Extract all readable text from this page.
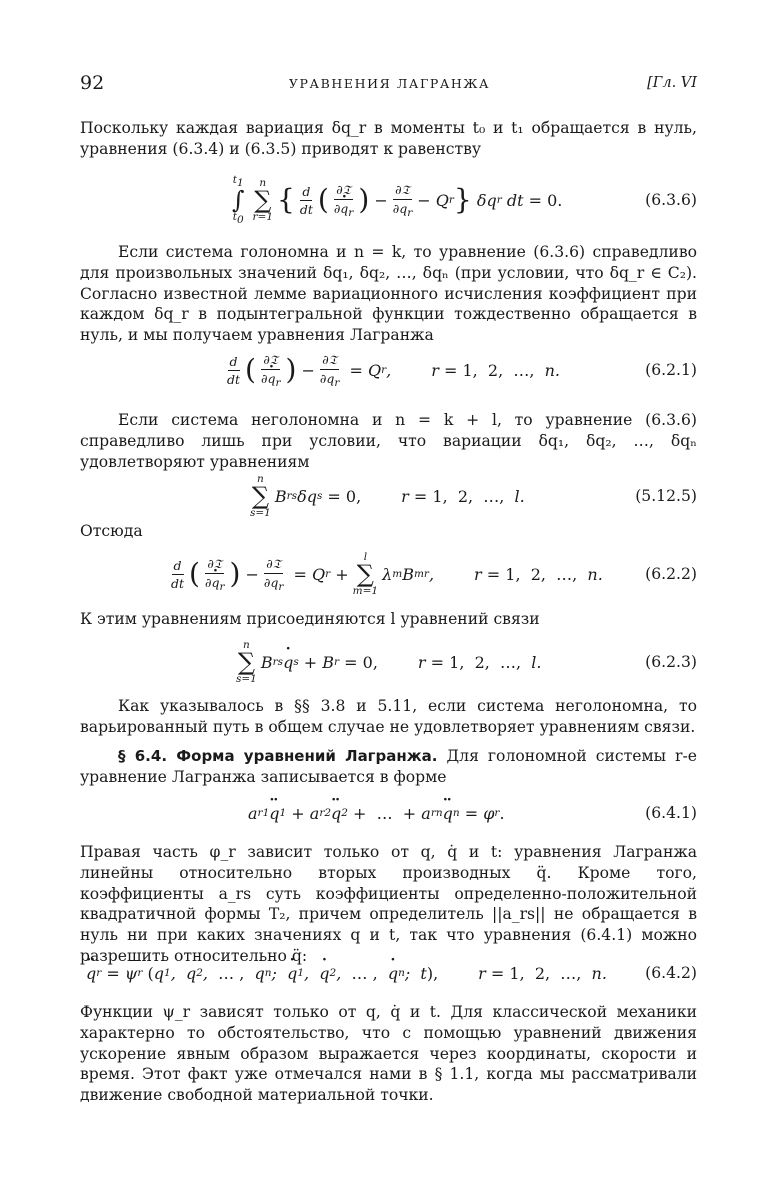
92	УРАВНЕНИЯ ЛАГРАНЖА	[Гл. VI

Поскольку каждая вариация δq_r в моменты t₀ и t₁ обращается в нуль, уравнения (6.3.4) и (6.3.5) приводят к равенству

$t_1$
∫
$t_0$
n
∑
r=1
{ $\frac{d}{dt}$ ( $\frac{\text{∂𝔗}}{\partial\cdot q_r}$ ) − $\frac{\text{∂𝔗}}{\partial q_r} - Q$ r } δq r dt = 0.	(6.3.6)

Если система голономна и n = k, то уравнение (6.3.6) справедливо для произвольных значений δq₁, δq₂, …, δqₙ (при условии, что δq_r ∈ C₂). Согласно известной лемме вариационного исчисления коэффициент при каждом δq_r в подынтегральной функции тождественно обращается в нуль, и мы получаем уравнения Лагранжа

$\frac{d}{dt}$ ( $\frac{\text{∂𝔗}}{\partial\cdot q_r}$ ) − $\frac{\text{∂𝔗}}{\partial q_r} = Q$ r ,	r = 1,  2,  …, n.	(6.2.1)

Если система неголономна и n = k + l, то уравнение (6.3.6) справедливо лишь при условии, что вариации δq₁, δq₂, …, δqₙ удовлетворяют уравнениям

n
∑
s=1
B rs δq s = 0,	r = 1,  2,  …, l.	(5.12.5)
Отсюда
$\frac{d}{dt}$ ( $\frac{\text{∂𝔗}}{\partial\cdot q_r}$ ) − $\frac{\text{∂𝔗}}{\partial q_r} = Q$ r +
l
∑
m=1
λ m B mr ,	r = 1,  2,  …, n.	(6.2.2)
К этим уравнениям присоединяются l уравнений связи
n
∑
s=1
B rs · q s + B r = 0,	r = 1,  2,  …, l.	(6.2.3)

Как указывалось в §§ 3.8 и 5.11, если система неголономна, то варьированный путь в общем случае не удовлетворяет уравнениям связи.

§ 6.4. Форма уравнений Лагранжа. Для голономной системы r-е уравнение Лагранжа записывается в форме

a r1 ·· q 1 + a r2 ·· q 2 +  …  + a rn ·· q n = φ r .	(6.4.1)

Правая часть φ_r зависит только от q, q̇ и t: уравнения Лагранжа линейны относительно вторых производных q̈. Кроме того, коэффициенты a_rs суть коэффициенты определенно-положительной квадратичной формы T₂, причем определитель ||a_rs|| не обращается в нуль ни при каких значениях q и t, так что уравнения (6.4.1) можно разрешить относительно q̈:

·· q r = ψ r ( q 1 ,  q 2 , … , q n ; · q 1 , · q 2 , … , · q n ;  t ),	r = 1,  2,  …, n. (6.4.2)

Функции ψ_r зависят только от q, q̇ и t. Для классической механики характерно то обстоятельство, что с помощью уравнений движения ускорение явным образом выражается через координаты, скорости и время. Этот факт уже отмечался нами в § 1.1, когда мы рассматривали движение свободной материальной точки.
